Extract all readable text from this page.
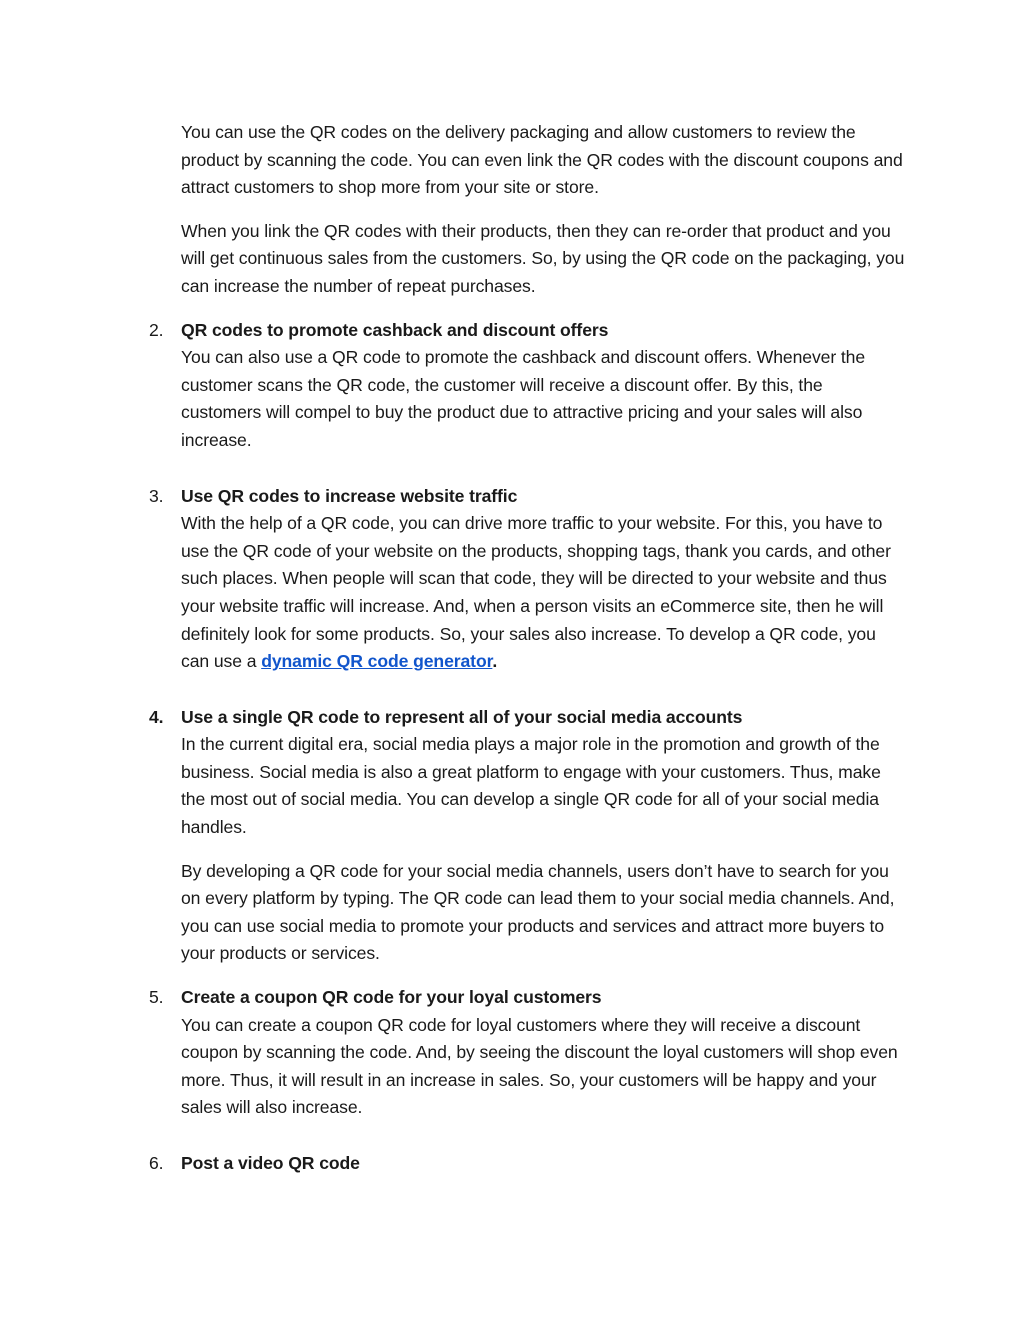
You can use the QR codes on the delivery packaging and allow customers to review the product by scanning the code. You can even link the QR codes with the discount coupons and attract customers to shop more from your site or store.

When you link the QR codes with their products, then they can re-order that product and you will get continuous sales from the customers. So, by using the QR code on the packaging, you can increase the number of repeat purchases.

2. QR codes to promote cashback and discount offers
You can also use a QR code to promote the cashback and discount offers. Whenever the customer scans the QR code, the customer will receive a discount offer. By this, the customers will compel to buy the product due to attractive pricing and your sales will also increase.
3. Use QR codes to increase website traffic
With the help of a QR code, you can drive more traffic to your website. For this, you have to use the QR code of your website on the products, shopping tags, thank you cards, and other such places. When people will scan that code, they will be directed to your website and thus your website traffic will increase. And, when a person visits an eCommerce site, then he will definitely look for some products. So, your sales also increase. To develop a QR code, you can use a dynamic QR code generator.
4. Use a single QR code to represent all of your social media accounts

In the current digital era, social media plays a major role in the promotion and growth of the business. Social media is also a great platform to engage with your customers. Thus, make the most out of social media. You can develop a single QR code for all of your social media handles.

By developing a QR code for your social media channels, users don’t have to search for you on every platform by typing. The QR code can lead them to your social media channels. And, you can use social media to promote your products and services and attract more buyers to your products or services.

5. Create a coupon QR code for your loyal customers
You can create a coupon QR code for loyal customers where they will receive a discount coupon by scanning the code. And, by seeing the discount the loyal customers will shop even more. Thus, it will result in an increase in sales. So, your customers will be happy and your sales will also increase.
6. Post a video QR code
